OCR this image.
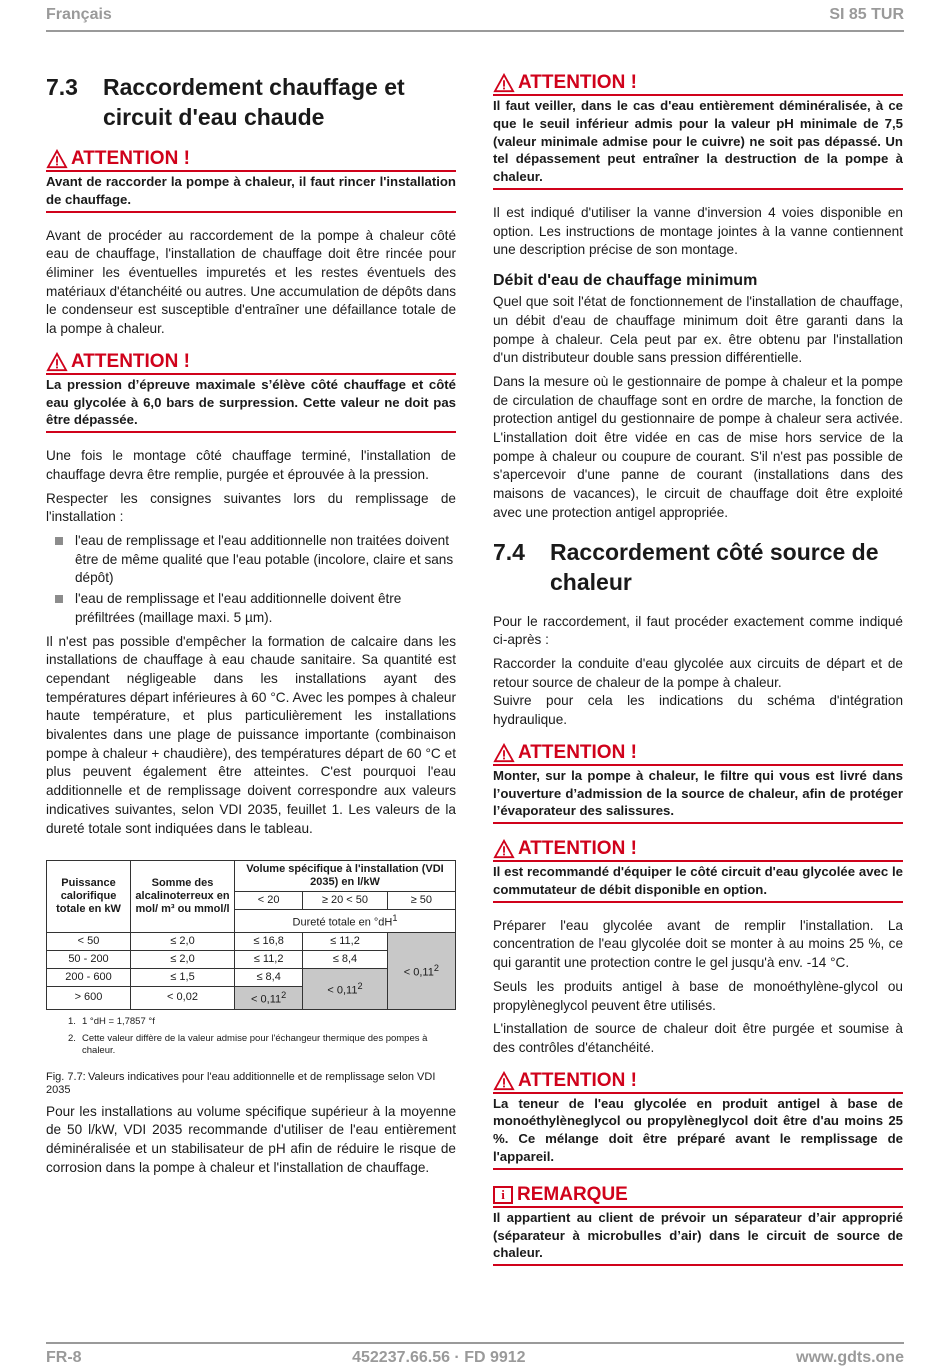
Français	SI 85 TUR
7.3	Raccordement chauffage et circuit d'eau chaude
ATTENTION !
Avant de raccorder la pompe à chaleur, il faut rincer l'installation de chauffage.

Avant de procéder au raccordement de la pompe à chaleur côté eau de chauffage, l'installation de chauffage doit être rincée pour éliminer les éventuelles impuretés et les restes éventuels des matériaux d'étanchéité ou autres. Une accumulation de dépôts dans le condenseur est susceptible d'entraîner une défaillance totale de la pompe à chaleur.

ATTENTION !
La pression d’épreuve maximale s’élève côté chauffage et côté eau glycolée à 6,0 bars de surpression. Cette valeur ne doit pas être dépassée.

Une fois le montage côté chauffage terminé, l'installation de chauffage devra être remplie, purgée et éprouvée à la pression.

Respecter les consignes suivantes lors du remplissage de l'installation :

l'eau de remplissage et l'eau additionnelle non traitées doivent être de même qualité que l'eau potable (incolore, claire et sans dépôt)
l'eau de remplissage et l'eau additionnelle doivent être préfiltrées (maillage maxi. 5 µm).

Il n'est pas possible d'empêcher la formation de calcaire dans les installations de chauffage à eau chaude sanitaire. Sa quantité est cependant négligeable dans les installations ayant des températures départ inférieures à 60 °C. Avec les pompes à chaleur haute température, et plus particulièrement les installations bivalentes dans une plage de puissance importante (combinaison pompe à chaleur + chaudière), des températures départ de 60 °C et plus peuvent également être atteintes. C'est pourquoi l'eau additionnelle et de remplissage doivent correspondre aux valeurs indicatives suivantes, selon VDI 2035, feuillet 1. Les valeurs de la dureté totale sont indiquées dans le tableau.

Puissance calorifique totale en kW	Somme des alcalinoterreux en mol/ m³ ou mmol/l	Volume spécifique à l'installation (VDI 2035) en l/kW		
		< 20	≥ 20 < 50	≥ 50
		Dureté totale en $^\circ dH^1$
< 50	≤ 2,0	≤ 16,8	≤ 11,2	< $0,11^2$
50 - 200	≤ 2,0	≤ 11,2	≤ 8,4	
200 - 600	≤ 1,5	≤ 8,4	< $0,11^2$
> 600	< 0,02	< $0,11^2$
1. 1 °dH = 1,7857 °f
2. Cette valeur diffère de la valeur admise pour l'échangeur thermique des pompes à chaleur.
Fig. 7.7: Valeurs indicatives pour l'eau additionnelle et de remplissage selon VDI 2035

Pour les installations au volume spécifique supérieur à la moyenne de 50 l/kW, VDI 2035 recommande d'utiliser de l'eau entièrement déminéralisée et un stabilisateur de pH afin de réduire le risque de corrosion dans la pompe à chaleur et l'installation de chauffage.

ATTENTION !
Il faut veiller, dans le cas d'eau entièrement déminéralisée, à ce que le seuil inférieur admis pour la valeur pH minimale de 7,5 (valeur minimale admise pour le cuivre) ne soit pas dépassé. Un tel dépassement peut entraîner la destruction de la pompe à chaleur.

Il est indiqué d'utiliser la vanne d'inversion 4 voies disponible en option. Les instructions de montage jointes à la vanne contiennent une description précise de son montage.

Débit d'eau de chauffage minimum

Quel que soit l'état de fonctionnement de l'installation de chauffage, un débit d'eau de chauffage minimum doit être garanti dans la pompe à chaleur. Cela peut par ex. être obtenu par l'installation d'un distributeur double sans pression différentielle.

Dans la mesure où le gestionnaire de pompe à chaleur et la pompe de circulation de chauffage sont en ordre de marche, la fonction de protection antigel du gestionnaire de pompe à chaleur sera activée. L'installation doit être vidée en cas de mise hors service de la pompe à chaleur ou coupure de courant. S'il n'est pas possible de s'apercevoir d'une panne de courant (installations dans des maisons de vacances), le circuit de chauffage doit être exploité avec une protection antigel appropriée.

7.4	Raccordement côté source de chaleur

Pour le raccordement, il faut procéder exactement comme indiqué ci-après :

Raccorder la conduite d'eau glycolée aux circuits de départ et de retour source de chaleur de la pompe à chaleur.

Suivre pour cela les indications du schéma d'intégration hydraulique.

ATTENTION !
Monter, sur la pompe à chaleur, le filtre qui vous est livré dans l’ouverture d’admission de la source de chaleur, afin de protéger l’évaporateur des salissures.
ATTENTION !
Il est recommandé d'équiper le côté circuit d'eau glycolée avec le commutateur de débit disponible en option.

Préparer l'eau glycolée avant de remplir l'installation. La concentration de l'eau glycolée doit se monter à au moins 25 %, ce qui garantit une protection contre le gel jusqu'à env. -14 °C.

Seuls les produits antigel à base de monoéthylène-glycol ou propylèneglycol peuvent être utilisés.

L'installation de source de chaleur doit être purgée et soumise à des contrôles d'étanchéité.

ATTENTION !
La teneur de l'eau glycolée en produit antigel à base de monoéthylèneglycol ou propylèneglycol doit être d'au moins 25 %. Ce mélange doit être préparé avant le remplissage de l'appareil.
i REMARQUE
Il appartient au client de prévoir un séparateur d’air approprié (séparateur à microbulles d’air) dans le circuit de source de chaleur.
FR-8	452237.66.56 · FD 9912	www.gdts.one
